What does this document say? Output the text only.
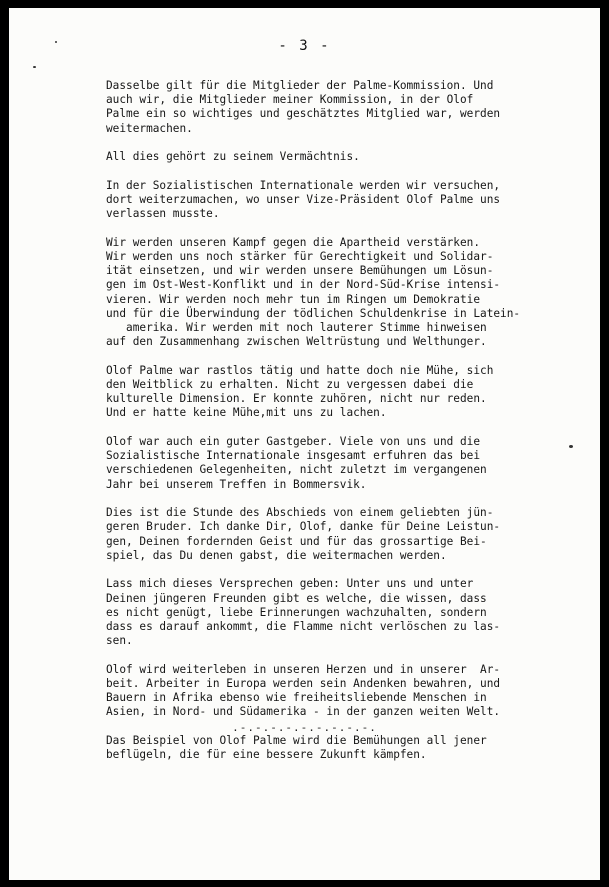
- 3 -
Dasselbe gilt für die Mitglieder der Palme-Kommission. Und
auch wir, die Mitglieder meiner Kommission, in der Olof
Palme ein so wichtiges und geschätztes Mitglied war, werden
weitermachen.
All dies gehört zu seinem Vermächtnis.
In der Sozialistischen Internationale werden wir versuchen,
dort weiterzumachen, wo unser Vize-Präsident Olof Palme uns
verlassen musste.
Wir werden unseren Kampf gegen die Apartheid verstärken.
Wir werden uns noch stärker für Gerechtigkeit und Solidar-
ität einsetzen, und wir werden unsere Bemühungen um Lösun-
gen im Ost-West-Konflikt und in der Nord-Süd-Krise intensi-
vieren. Wir werden noch mehr tun im Ringen um Demokratie
und für die Überwindung der tödlichen Schuldenkrise in Latein-
amerika. Wir werden mit noch lauterer Stimme hinweisen
auf den Zusammenhang zwischen Weltrüstung und Welthunger.
Olof Palme war rastlos tätig und hatte doch nie Mühe, sich
den Weitblick zu erhalten. Nicht zu vergessen dabei die
kulturelle Dimension. Er konnte zuhören, nicht nur reden.
Und er hatte keine Mühe,mit uns zu lachen.
Olof war auch ein guter Gastgeber. Viele von uns und die
Sozialistische Internationale insgesamt erfuhren das bei
verschiedenen Gelegenheiten, nicht zuletzt im vergangenen
Jahr bei unserem Treffen in Bommersvik.
Dies ist die Stunde des Abschieds von einem geliebten jün-
geren Bruder. Ich danke Dir, Olof, danke für Deine Leistun-
gen, Deinen fordernden Geist und für das grossartige Bei-
spiel, das Du denen gabst, die weitermachen werden.
Lass mich dieses Versprechen geben: Unter uns und unter
Deinen jüngeren Freunden gibt es welche, die wissen, dass
es nicht genügt, liebe Erinnerungen wachzuhalten, sondern
dass es darauf ankommt, die Flamme nicht verlöschen zu las-
sen.
Olof wird weiterleben in unseren Herzen und in unserer  Ar-
beit. Arbeiter in Europa werden sein Andenken bewahren, und
Bauern in Afrika ebenso wie freiheitsliebende Menschen in
Asien, in Nord- und Südamerika - in der ganzen weiten Welt.
Das Beispiel von Olof Palme wird die Bemühungen all jener
beflügeln, die für eine bessere Zukunft kämpfen.
.-.-.-.-.-.-.-.-.-.
